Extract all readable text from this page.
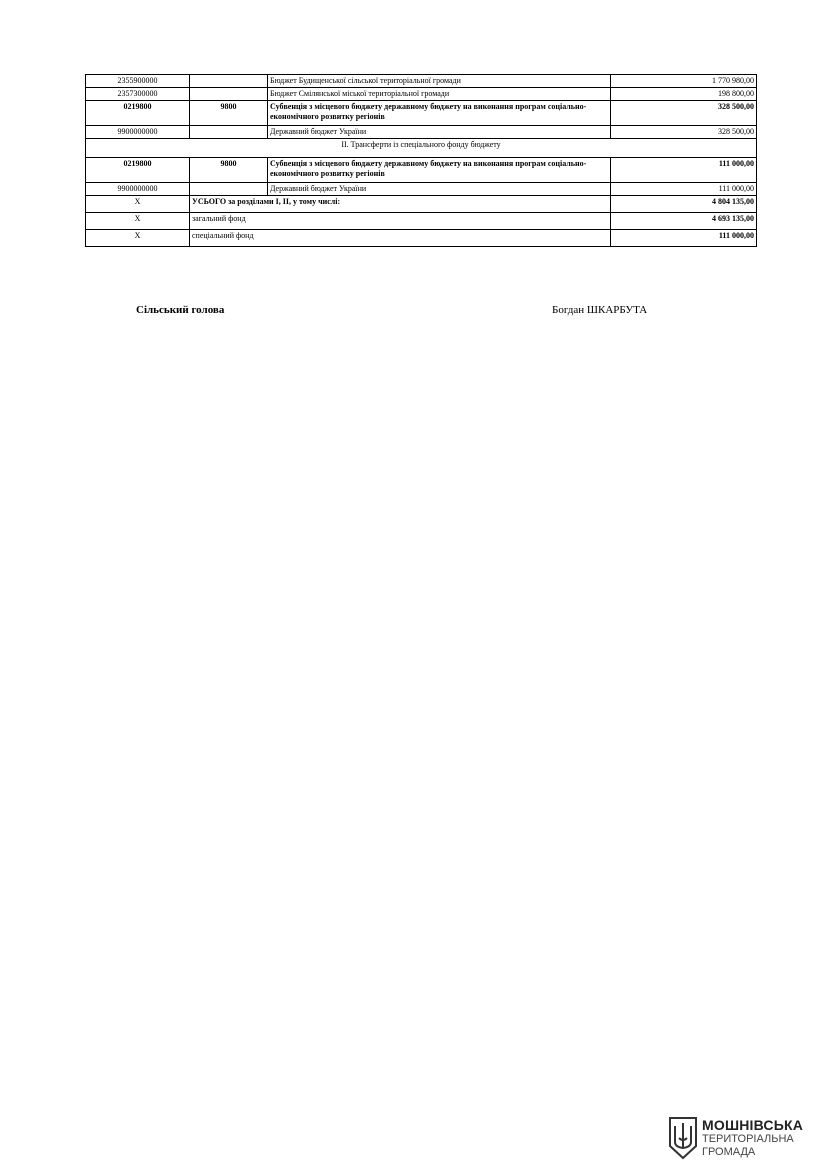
2355900000		Бюджет Будищенської сільської територіальної громади	1 770 980,00
2357300000		Бюджет Смілянської міської територіальної громади	198 800,00
0219800	9800	Субвенція з місцевого бюджету державному бюджету на виконання програм соціально-економічного розвитку регіонів	328 500,00
9900000000		Державний бюджет України	328 500,00
ІІ. Трансферти із спеціального фонду бюджету			
0219800	9800	Субвенція з місцевого бюджету державному бюджету на виконання програм соціально-економічного розвитку регіонів	111 000,00
9900000000		Державний бюджет України	111 000,00
Х	УСЬОГО за розділами І, ІІ, у тому числі:		4 804 135,00
Х	загальний фонд		4 693 135,00
Х	спеціальний фонд		111 000,00
Сільський голова	Богдан ШКАРБУТА
МОШНІВСЬКА
ТЕРИТОРІАЛЬНА
ГРОМАДА
